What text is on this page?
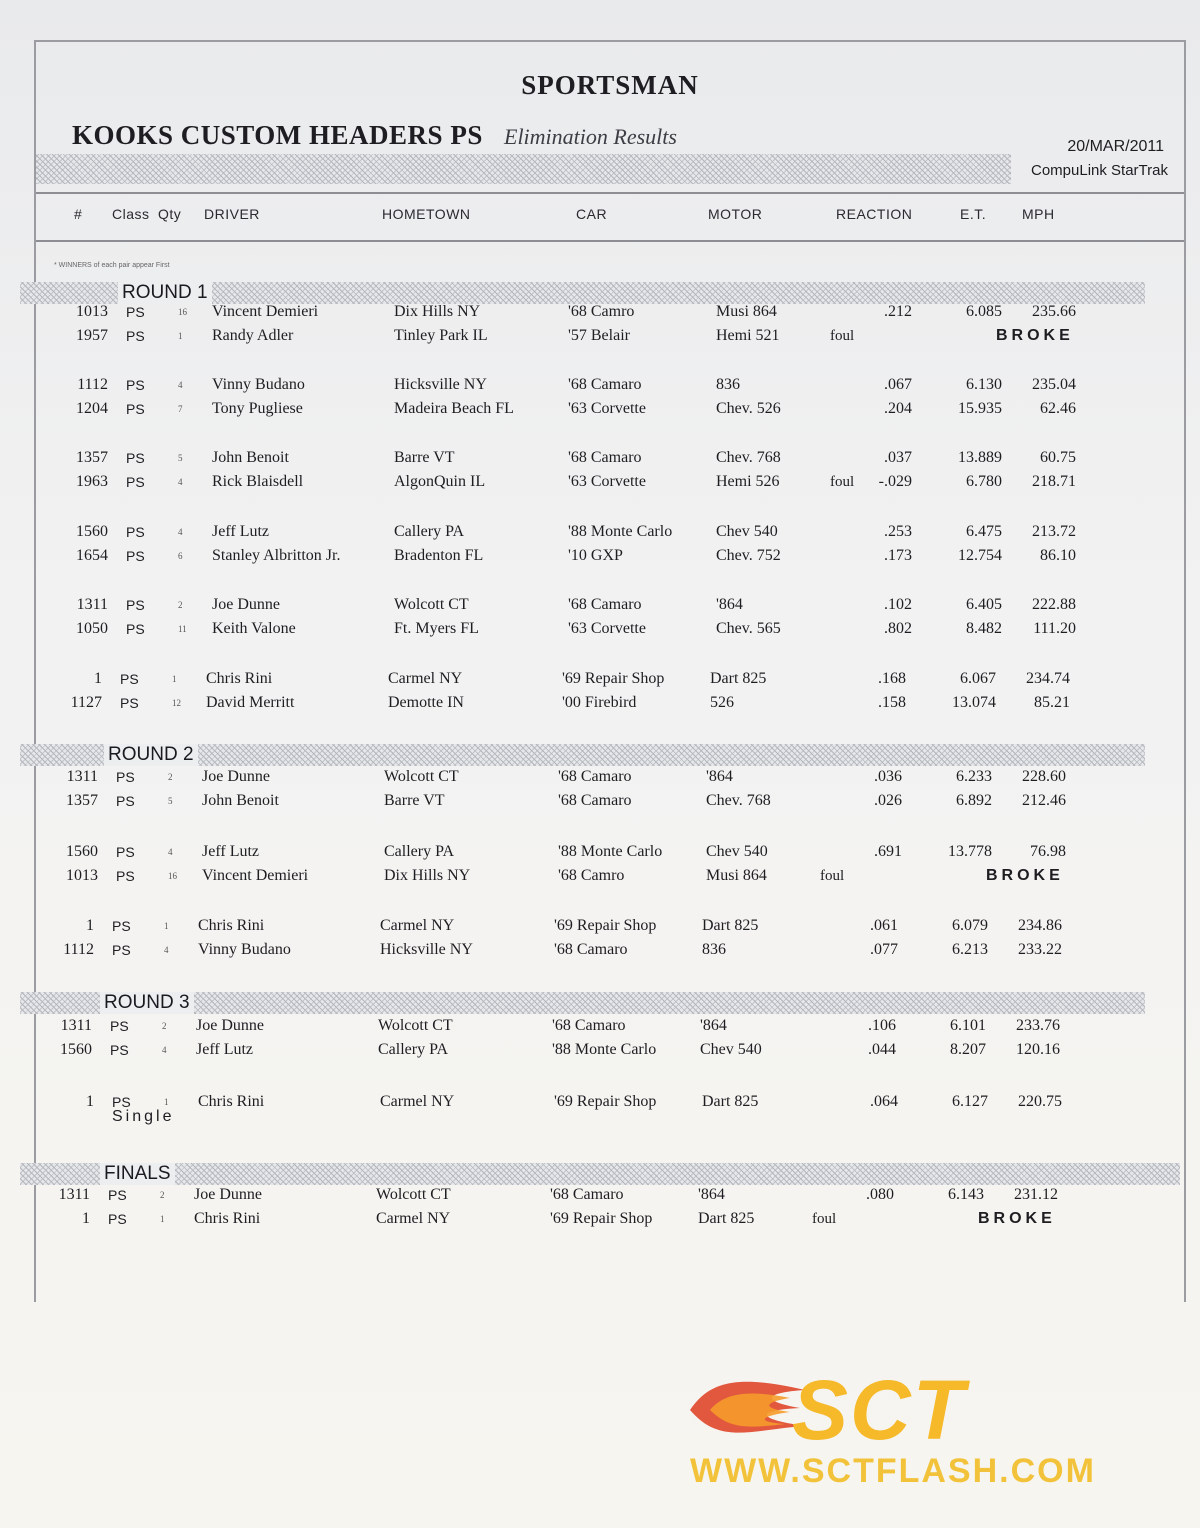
SPORTSMAN
KOOKS CUSTOM HEADERS PS Elimination Results	20/MAR/2011
CompuLink StarTrak
# Class Qty DRIVER	HOMETOWN	CAR	MOTOR	REACTION	E.T.	MPH
* WINNERS of each pair appear First
ROUND 1
ROUND 2
ROUND 3
FINALS
1013 PS	16 Vincent Demieri	Dix Hills NY	'68 Camro	Musi 864	.212	6.085	235.66
1957 PS	1 Randy Adler	Tinley Park IL	'57 Belair	Hemi 521	foul	BROKE
1112 PS	4 Vinny Budano	Hicksville NY	'68 Camaro	836	.067	6.130	235.04
1204 PS	7 Tony Pugliese	Madeira Beach FL	'63 Corvette	Chev. 526	.204	15.935	62.46
1357 PS	5 John Benoit	Barre VT	'68 Camaro	Chev. 768	.037	13.889	60.75
1963 PS	4 Rick Blaisdell	AlgonQuin IL	'63 Corvette	Hemi 526	foul	-.029	6.780	218.71
1560 PS	4 Jeff Lutz	Callery PA	'88 Monte Carlo	Chev 540	.253	6.475	213.72
1654 PS	6 Stanley Albritton Jr.	Bradenton FL	'10 GXP	Chev. 752	.173	12.754	86.10
1311 PS	2 Joe Dunne	Wolcott CT	'68 Camaro	'864	.102	6.405	222.88
1050 PS	11 Keith Valone	Ft. Myers FL	'63 Corvette	Chev. 565	.802	8.482	111.20
1 PS	1 Chris Rini	Carmel NY	'69 Repair Shop	Dart 825	.168	6.067	234.74
1127 PS	12 David Merritt	Demotte IN	'00 Firebird	526	.158	13.074	85.21
1311 PS	2 Joe Dunne	Wolcott CT	'68 Camaro	'864	.036	6.233	228.60
1357 PS	5 John Benoit	Barre VT	'68 Camaro	Chev. 768	.026	6.892	212.46
1560 PS	4 Jeff Lutz	Callery PA	'88 Monte Carlo	Chev 540	.691	13.778	76.98
1013 PS	16 Vincent Demieri	Dix Hills NY	'68 Camro	Musi 864	foul	BROKE
1 PS	1 Chris Rini	Carmel NY	'69 Repair Shop	Dart 825	.061	6.079	234.86
1112 PS	4 Vinny Budano	Hicksville NY	'68 Camaro	836	.077	6.213	233.22
1311 PS	2 Joe Dunne	Wolcott CT	'68 Camaro	'864	.106	6.101	233.76
1560 PS	4 Jeff Lutz	Callery PA	'88 Monte Carlo	Chev 540	.044	8.207	120.16
1 PS	1 Chris Rini	Carmel NY	'69 Repair Shop	Dart 825	.064	6.127	220.75
1311 PS	2 Joe Dunne	Wolcott CT	'68 Camaro	'864	.080	6.143	231.12
1 PS	1 Chris Rini	Carmel NY	'69 Repair Shop	Dart 825	foul	BROKE
Single
SCT
WWW.SCTFLASH.COM
